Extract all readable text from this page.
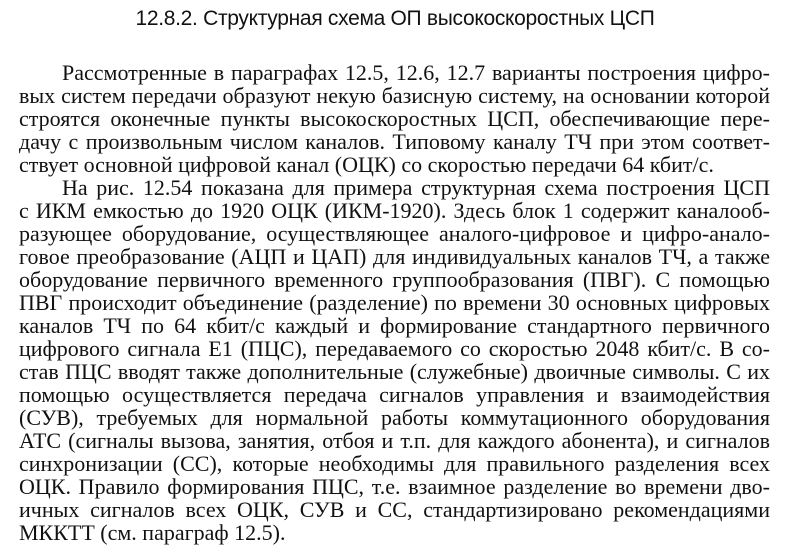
12.8.2. Структурная схема ОП высокоскоростных ЦСП
Рассмотренные в параграфах 12.5, 12.6, 12.7 варианты построения цифро-
вых систем передачи образуют некую базисную систему, на основании которой
строятся оконечные пункты высокоскоростных ЦСП, обеспечивающие пере-
дачу с произвольным числом каналов. Типовому каналу ТЧ при этом соответ-
ствует основной цифровой канал (ОЦК) со скоростью передачи 64 кбит/с.
На рис. 12.54 показана для примера структурная схема построения ЦСП
с ИКМ емкостью до 1920 ОЦК (ИКМ-1920). Здесь блок 1 содержит каналооб-
разующее оборудование, осуществляющее аналого-цифровое и цифро-анало-
говое преобразование (АЦП и ЦАП) для индивидуальных каналов ТЧ, а также
оборудование первичного временного группообразования (ПВГ). С помощью
ПВГ происходит объединение (разделение) по времени 30 основных цифровых
каналов ТЧ по 64 кбит/с каждый и формирование стандартного первичного
цифрового сигнала Е1 (ПЦС), передаваемого со скоростью 2048 кбит/с. В со-
став ПЦС вводят также дополнительные (служебные) двоичные символы. С их
помощью осуществляется передача сигналов управления и взаимодействия
(СУВ), требуемых для нормальной работы коммутационного оборудования
АТС (сигналы вызова, занятия, отбоя и т.п. для каждого абонента), и сигналов
синхронизации (СС), которые необходимы для правильного разделения всех
ОЦК. Правило формирования ПЦС, т.е. взаимное разделение во времени дво-
ичных сигналов всех ОЦК, СУВ и СС, стандартизировано рекомендациями
МККТТ (см. параграф 12.5).
